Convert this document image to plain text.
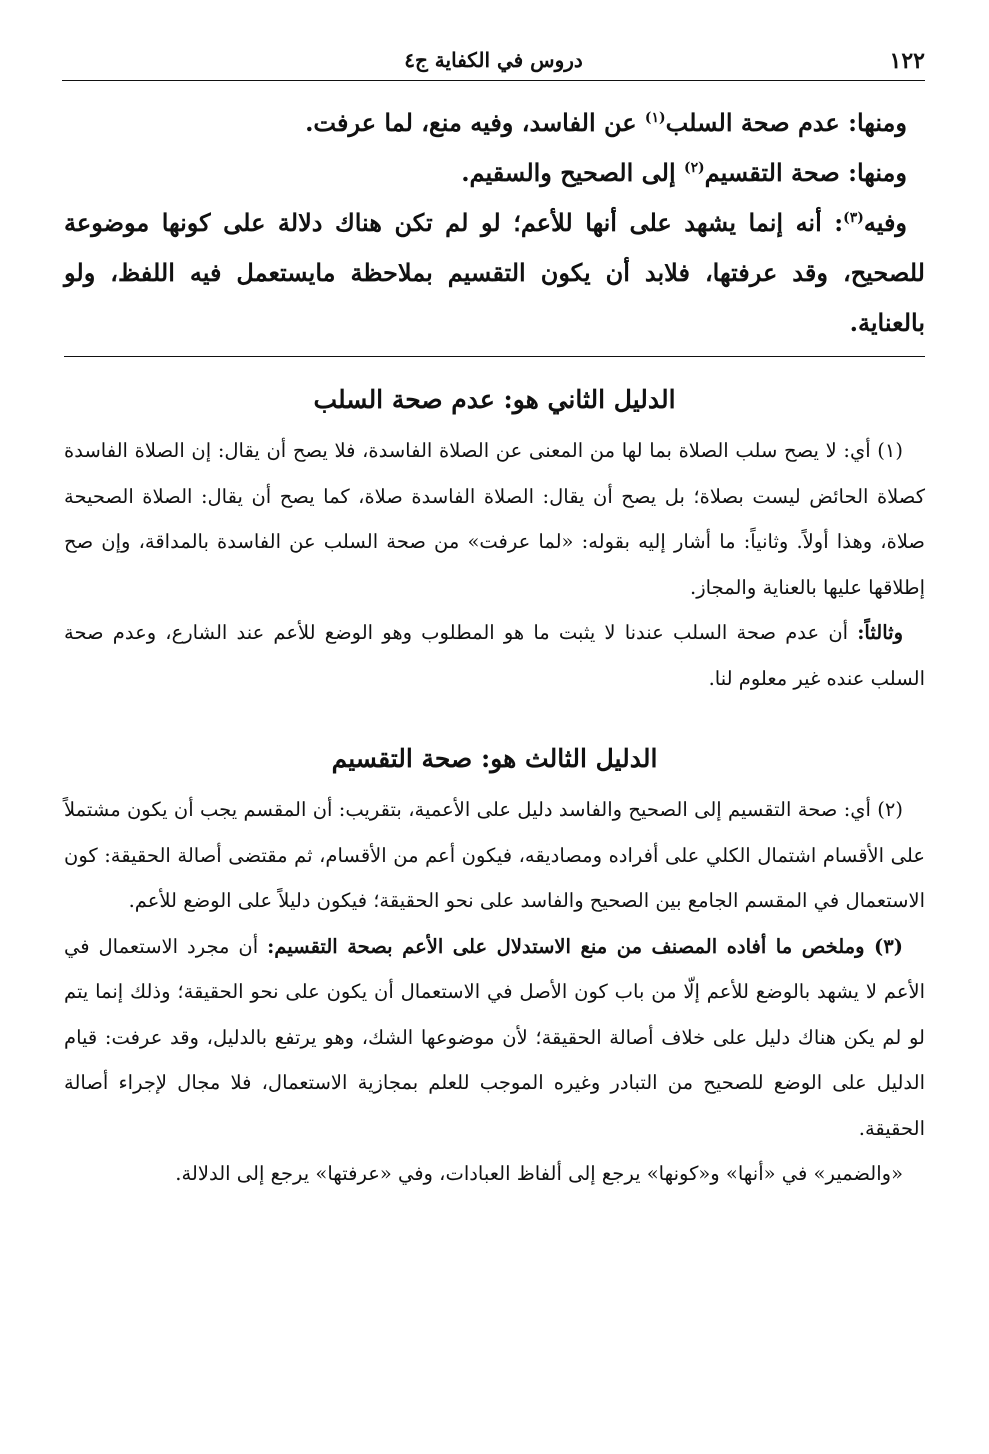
١٢٢
دروس في الكفاية ج٤

ومنها: عدم صحة السلب$^{(١)}$ عن الفاسد، وفيه منع، لما عرفت.

ومنها: صحة التقسيم$^{(٢)}$ إلى الصحيح والسقيم.

وفيه$^{(٣)}$: أنه إنما يشهد على أنها للأعم؛ لو لم تكن هناك دلالة على كونها موضوعة للصحيح، وقد عرفتها، فلابد أن يكون التقسيم بملاحظة مايستعمل فيه اللفظ، ولو بالعناية.

الدليل الثاني هو: عدم صحة السلب

(١) أي: لا يصح سلب الصلاة بما لها من المعنى عن الصلاة الفاسدة، فلا يصح أن يقال: إن الصلاة الفاسدة كصلاة الحائض ليست بصلاة؛ بل يصح أن يقال: الصلاة الفاسدة صلاة، كما يصح أن يقال: الصلاة الصحيحة صلاة، وهذا أولاً. وثانياً: ما أشار إليه بقوله: «لما عرفت» من صحة السلب عن الفاسدة بالمداقة، وإن صح إطلاقها عليها بالعناية والمجاز.

وثالثاً: أن عدم صحة السلب عندنا لا يثبت ما هو المطلوب وهو الوضع للأعم عند الشارع، وعدم صحة السلب عنده غير معلوم لنا.

الدليل الثالث هو: صحة التقسيم

(٢) أي: صحة التقسيم إلى الصحيح والفاسد دليل على الأعمية، بتقريب: أن المقسم يجب أن يكون مشتملاً على الأقسام اشتمال الكلي على أفراده ومصاديقه، فيكون أعم من الأقسام، ثم مقتضى أصالة الحقيقة: كون الاستعمال في المقسم الجامع بين الصحيح والفاسد على نحو الحقيقة؛ فيكون دليلاً على الوضع للأعم.

(٣) وملخص ما أفاده المصنف من منع الاستدلال على الأعم بصحة التقسيم: أن مجرد الاستعمال في الأعم لا يشهد بالوضع للأعم إلّا من باب كون الأصل في الاستعمال أن يكون على نحو الحقيقة؛ وذلك إنما يتم لو لم يكن هناك دليل على خلاف أصالة الحقيقة؛ لأن موضوعها الشك، وهو يرتفع بالدليل، وقد عرفت: قيام الدليل على الوضع للصحيح من التبادر وغيره الموجب للعلم بمجازية الاستعمال، فلا مجال لإجراء أصالة الحقيقة.

«والضمير» في «أنها» و«كونها» يرجع إلى ألفاظ العبادات، وفي «عرفتها» يرجع إلى الدلالة.
